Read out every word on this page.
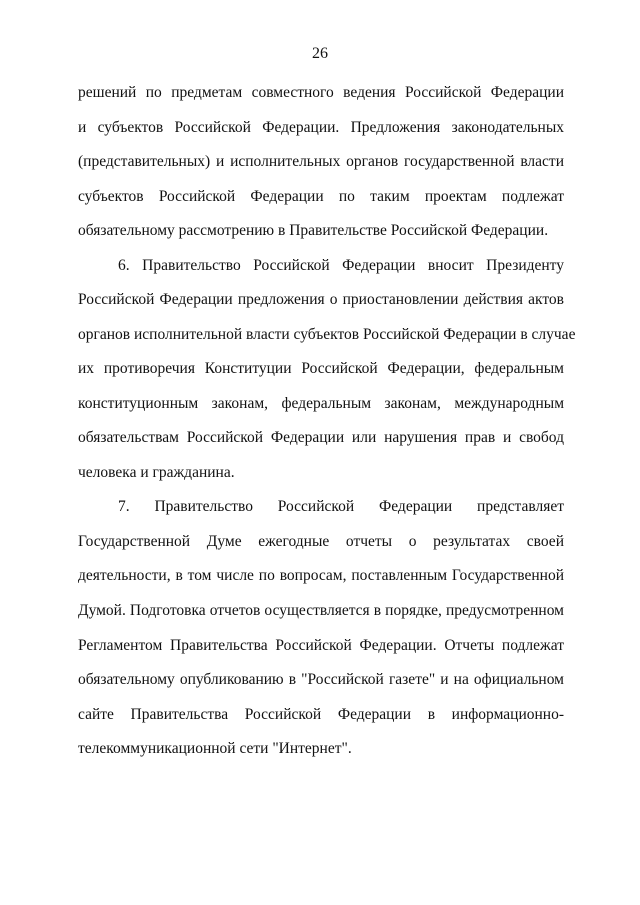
26
решений по предметам совместного ведения Российской Федерации
и субъектов Российской Федерации. Предложения законодательных
(представительных) и исполнительных органов государственной власти
субъектов Российской Федерации по таким проектам подлежат
обязательному рассмотрению в Правительстве Российской Федерации.
6. Правительство Российской Федерации вносит Президенту
Российской Федерации предложения о приостановлении действия актов
органов исполнительной власти субъектов Российской Федерации в случае
их противоречия Конституции Российской Федерации, федеральным
конституционным законам, федеральным законам, международным
обязательствам Российской Федерации или нарушения прав и свобод
человека и гражданина.
7. Правительство Российской Федерации представляет
Государственной Думе ежегодные отчеты о результатах своей
деятельности, в том числе по вопросам, поставленным Государственной
Думой. Подготовка отчетов осуществляется в порядке, предусмотренном
Регламентом Правительства Российской Федерации. Отчеты подлежат
обязательному опубликованию в "Российской газете" и на официальном
сайте Правительства Российской Федерации в информационно-
телекоммуникационной сети "Интернет".
